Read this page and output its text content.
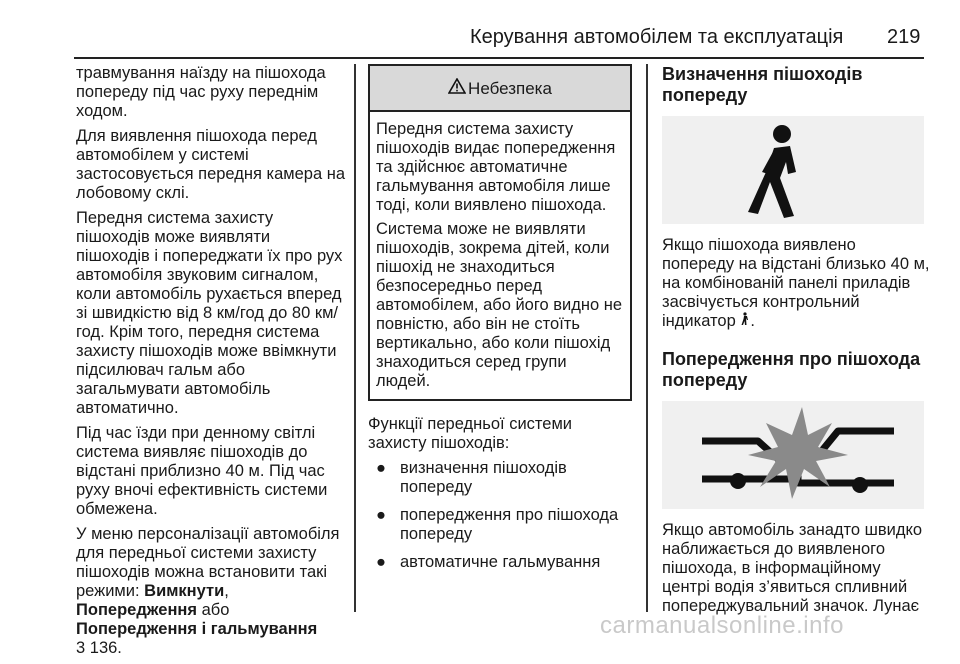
Керування автомобілем та експлуатація 219

травмування наїзду на пішохода попереду під час руху переднім ходом.

Для виявлення пішохода перед автомобілем у системі застосовується передня камера на лобовому склі.

Передня система захисту пішоходів може виявляти пішоходів і попереджати їх про рух автомобіля звуковим сигналом, коли автомобіль рухається вперед зі швидкістю від 8 км/год до 80 км/год. Крім того, передня система захисту пішоходів може ввімкнути підсилювач гальм або загальмувати автомобіль автоматично.

Під час їзди при денному світлі система виявляє пішоходів до відстані приблизно 40 м. Під час руху вночі ефективність системи обмежена.

У меню персоналізації автомобіля для передньої системи захисту пішоходів можна встановити такі режими: Вимкнути, Попередження або Попередження і гальмування
3 136.

Небезпека

Передня система захисту пішоходів видає попередження та здійснює автоматичне гальмування автомобіля лише тоді, коли виявлено пішохода.

Система може не виявляти пішоходів, зокрема дітей, коли пішохід не знаходиться безпосередньо перед автомобілем, або його видно не повністю, або він не стоїть вертикально, або коли пішохід знаходиться серед групи людей.

Функції передньої системи захисту пішоходів:

● визначення пішоходів попереду
● попередження про пішохода попереду
● автоматичне гальмування
Визначення пішоходів попереду

Якщо пішохода виявлено попереду на відстані близько 40 м, на комбінованій панелі приладів засвічується контрольний індикатор .

Попередження про пішохода попереду

Якщо автомобіль занадто швидко наближається до виявленого пішохода, в інформаційному центрі водія з’явиться спливний попереджувальний значок. Лунає

carmanualsonline.info
